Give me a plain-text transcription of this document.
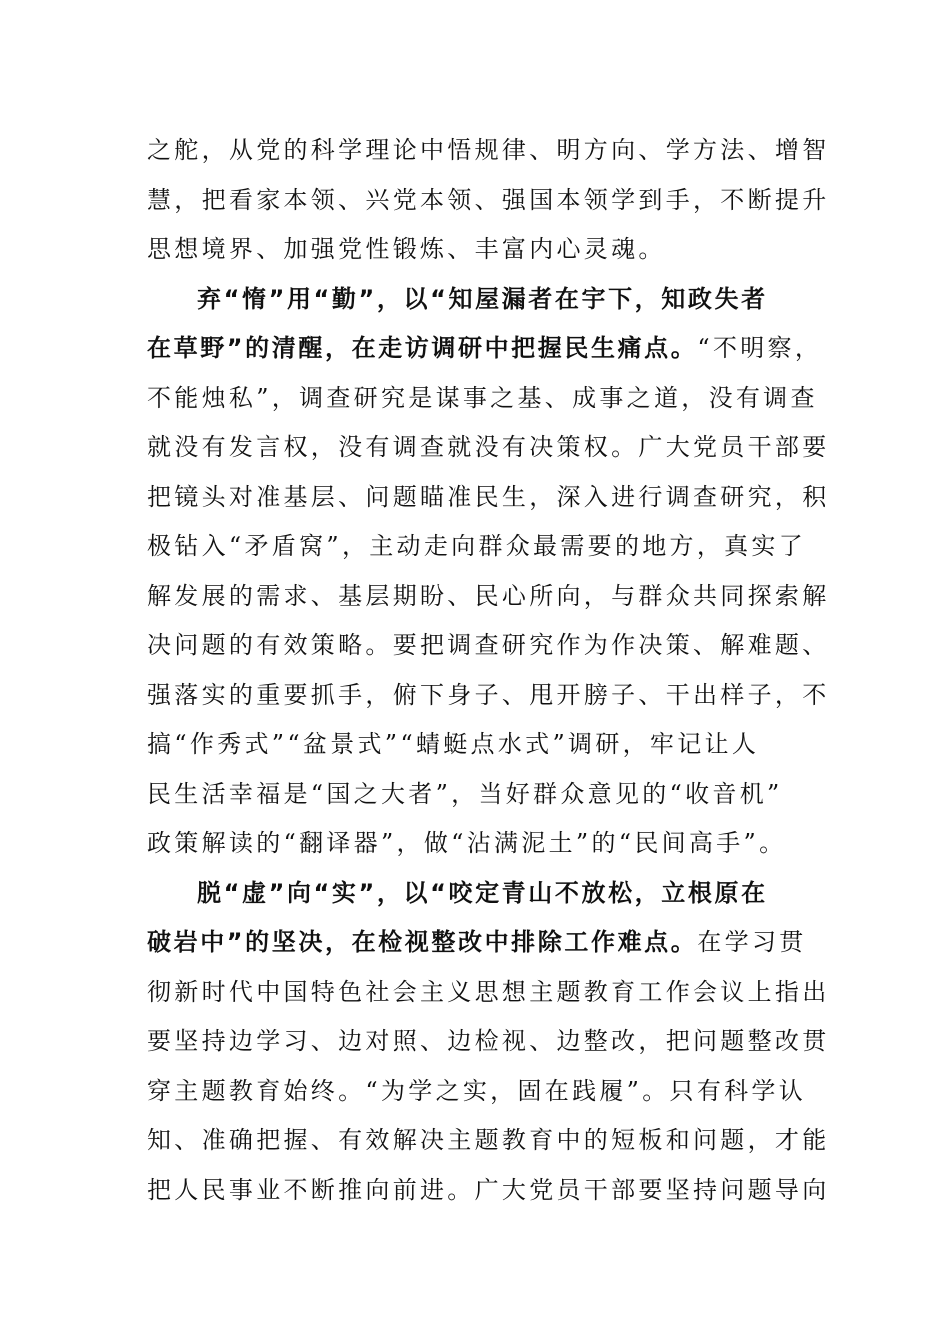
之舵，从党的科学理论中悟规律、明方向、学方法、增智
慧，把看家本领、兴党本领、强国本领学到手，不断提升
思想境界、加强党性锻炼、丰富内心灵魂。
弃“惰”用“勤”，以“知屋漏者在宇下，知政失者
在草野”的清醒，在走访调研中把握民生痛点。“不明察，
不能烛私”，调查研究是谋事之基、成事之道，没有调查
就没有发言权，没有调查就没有决策权。广大党员干部要
把镜头对准基层、问题瞄准民生，深入进行调查研究，积
极钻入“矛盾窝”，主动走向群众最需要的地方，真实了
解发展的需求、基层期盼、民心所向，与群众共同探索解
决问题的有效策略。要把调查研究作为作决策、解难题、
强落实的重要抓手，俯下身子、甩开膀子、干出样子，不
搞“作秀式”“盆景式”“蜻蜓点水式”调研，牢记让人
民生活幸福是“国之大者”，当好群众意见的“收音机”
政策解读的“翻译器”，做“沾满泥土”的“民间高手”。
脱“虚”向“实”，以“咬定青山不放松，立根原在
破岩中”的坚决，在检视整改中排除工作难点。在学习贯
彻新时代中国特色社会主义思想主题教育工作会议上指出
要坚持边学习、边对照、边检视、边整改，把问题整改贯
穿主题教育始终。“为学之实，固在践履”。只有科学认
知、准确把握、有效解决主题教育中的短板和问题，才能
把人民事业不断推向前进。广大党员干部要坚持问题导向
